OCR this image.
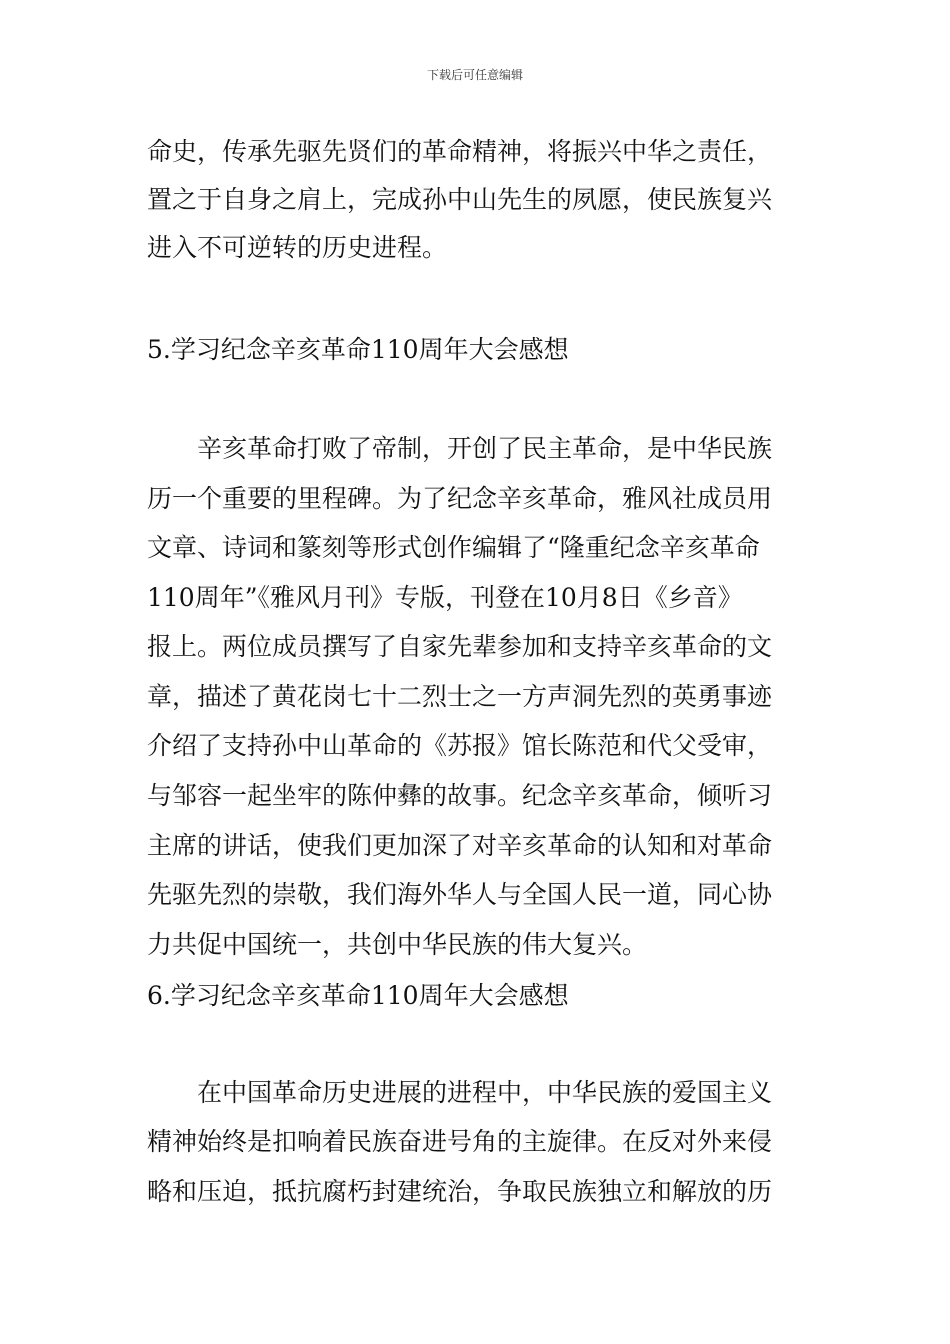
下载后可任意编辑
命史，传承先驱先贤们的革命精神，将振兴中华之责任，
置之于自身之肩上，完成孙中山先生的夙愿，使民族复兴
进入不可逆转的历史进程。
5.学习纪念辛亥革命110周年大会感想
辛亥革命打败了帝制，开创了民主革命，是中华民族
历一个重要的里程碑。为了纪念辛亥革命，雅风社成员用
文章、诗词和篆刻等形式创作编辑了“隆重纪念辛亥革命
110周年”《雅风月刊》专版，刊登在10月8日《乡音》
报上。两位成员撰写了自家先辈参加和支持辛亥革命的文
章，描述了黄花岗七十二烈士之一方声洞先烈的英勇事迹
介绍了支持孙中山革命的《苏报》馆长陈范和代父受审，
与邹容一起坐牢的陈仲彝的故事。纪念辛亥革命，倾听习
主席的讲话，使我们更加深了对辛亥革命的认知和对革命
先驱先烈的崇敬，我们海外华人与全国人民一道，同心协
力共促中国统一，共创中华民族的伟大复兴。
6.学习纪念辛亥革命110周年大会感想
在中国革命历史进展的进程中，中华民族的爱国主义
精神始终是扣响着民族奋进号角的主旋律。在反对外来侵
略和压迫，抵抗腐朽封建统治，争取民族独立和解放的历
